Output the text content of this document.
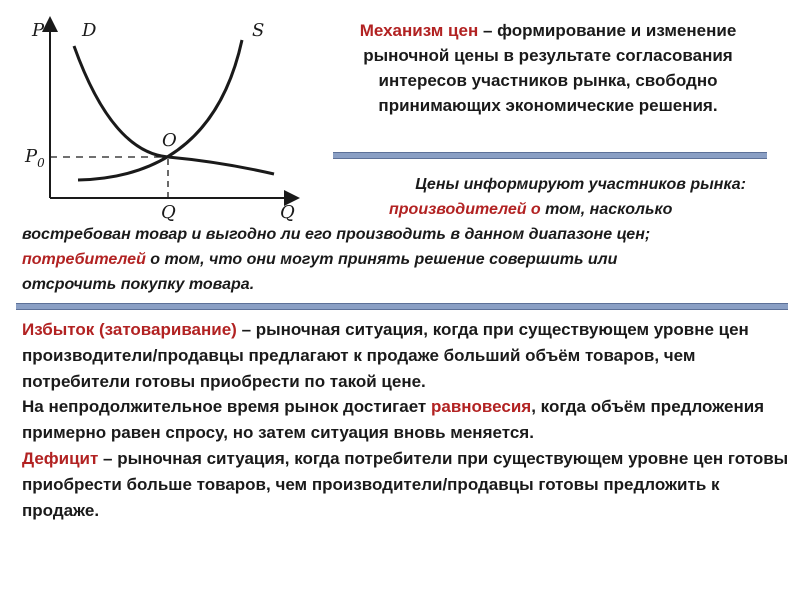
P D	S
O
$P_0$
Q	Q
Механизм цен – формирование и изменение рыночной цены в результате согласования интересов участников рынка, свободно принимающих экономические решения.
Цены информируют участников рынка:
производителей о том, насколько
востребован товар и выгодно ли его производить в данном диапазоне цен;
потребителей о том, что они могут принять решение совершить или
отсрочить покупку товара.
Избыток (затоваривание) – рыночная ситуация, когда при существующем уровне цен производители/продавцы предлагают к продаже больший объём товаров, чем потребители готовы приобрести по такой цене.
На непродолжительное время рынок достигает равновесия, когда объём предложения примерно равен спросу, но затем ситуация вновь меняется.
Дефицит – рыночная ситуация, когда потребители при существующем уровне цен готовы приобрести больше товаров, чем производители/продавцы готовы предложить к продаже.
